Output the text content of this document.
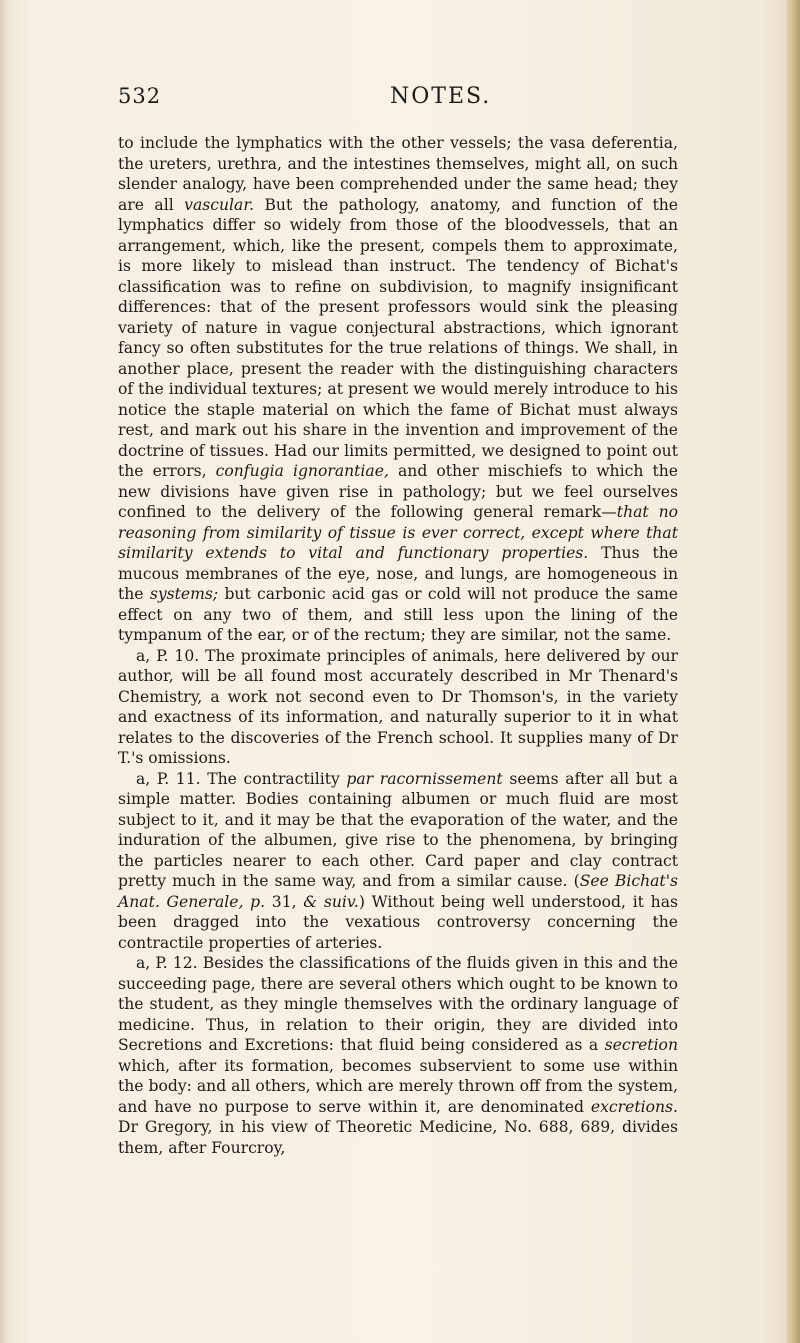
532	NOTES.

to include the lymphatics with the other vessels; the vasa deferentia, the ureters, urethra, and the intestines themselves, might all, on such slender analogy, have been comprehended under the same head; they are all vascular. But the pathology, anatomy, and function of the lymphatics differ so widely from those of the bloodvessels, that an arrangement, which, like the present, compels them to approximate, is more likely to mislead than instruct. The tendency of Bichat's classification was to refine on subdivision, to magnify insignificant differences: that of the present professors would sink the pleasing variety of nature in vague conjectural abstractions, which ignorant fancy so often substitutes for the true relations of things. We shall, in another place, present the reader with the distinguishing characters of the individual textures; at present we would merely introduce to his notice the staple material on which the fame of Bichat must always rest, and mark out his share in the invention and improvement of the doctrine of tissues. Had our limits permitted, we designed to point out the errors, confugia ignorantiae, and other mischiefs to which the new divisions have given rise in pathology; but we feel ourselves confined to the delivery of the following general remark—that no reasoning from similarity of tissue is ever correct, except where that similarity extends to vital and functionary properties. Thus the mucous membranes of the eye, nose, and lungs, are homogeneous in the systems; but carbonic acid gas or cold will not produce the same effect on any two of them, and still less upon the lining of the tympanum of the ear, or of the rectum; they are similar, not the same.

a, P. 10. The proximate principles of animals, here delivered by our author, will be all found most accurately described in Mr Thenard's Chemistry, a work not second even to Dr Thomson's, in the variety and exactness of its information, and naturally superior to it in what relates to the discoveries of the French school. It supplies many of Dr T.'s omissions.

a, P. 11. The contractility par racornissement seems after all but a simple matter. Bodies containing albumen or much fluid are most subject to it, and it may be that the evaporation of the water, and the induration of the albumen, give rise to the phenomena, by bringing the particles nearer to each other. Card paper and clay contract pretty much in the same way, and from a similar cause. (See Bichat's Anat. Generale, p. 31, & suiv.) Without being well understood, it has been dragged into the vexatious controversy concerning the contractile properties of arteries.

a, P. 12. Besides the classifications of the fluids given in this and the succeeding page, there are several others which ought to be known to the student, as they mingle themselves with the ordinary language of medicine. Thus, in relation to their origin, they are divided into Secretions and Excretions: that fluid being considered as a secretion which, after its formation, becomes subservient to some use within the body: and all others, which are merely thrown off from the system, and have no purpose to serve within it, are denominated excretions. Dr Gregory, in his view of Theoretic Medicine, No. 688, 689, divides them, after Fourcroy,
